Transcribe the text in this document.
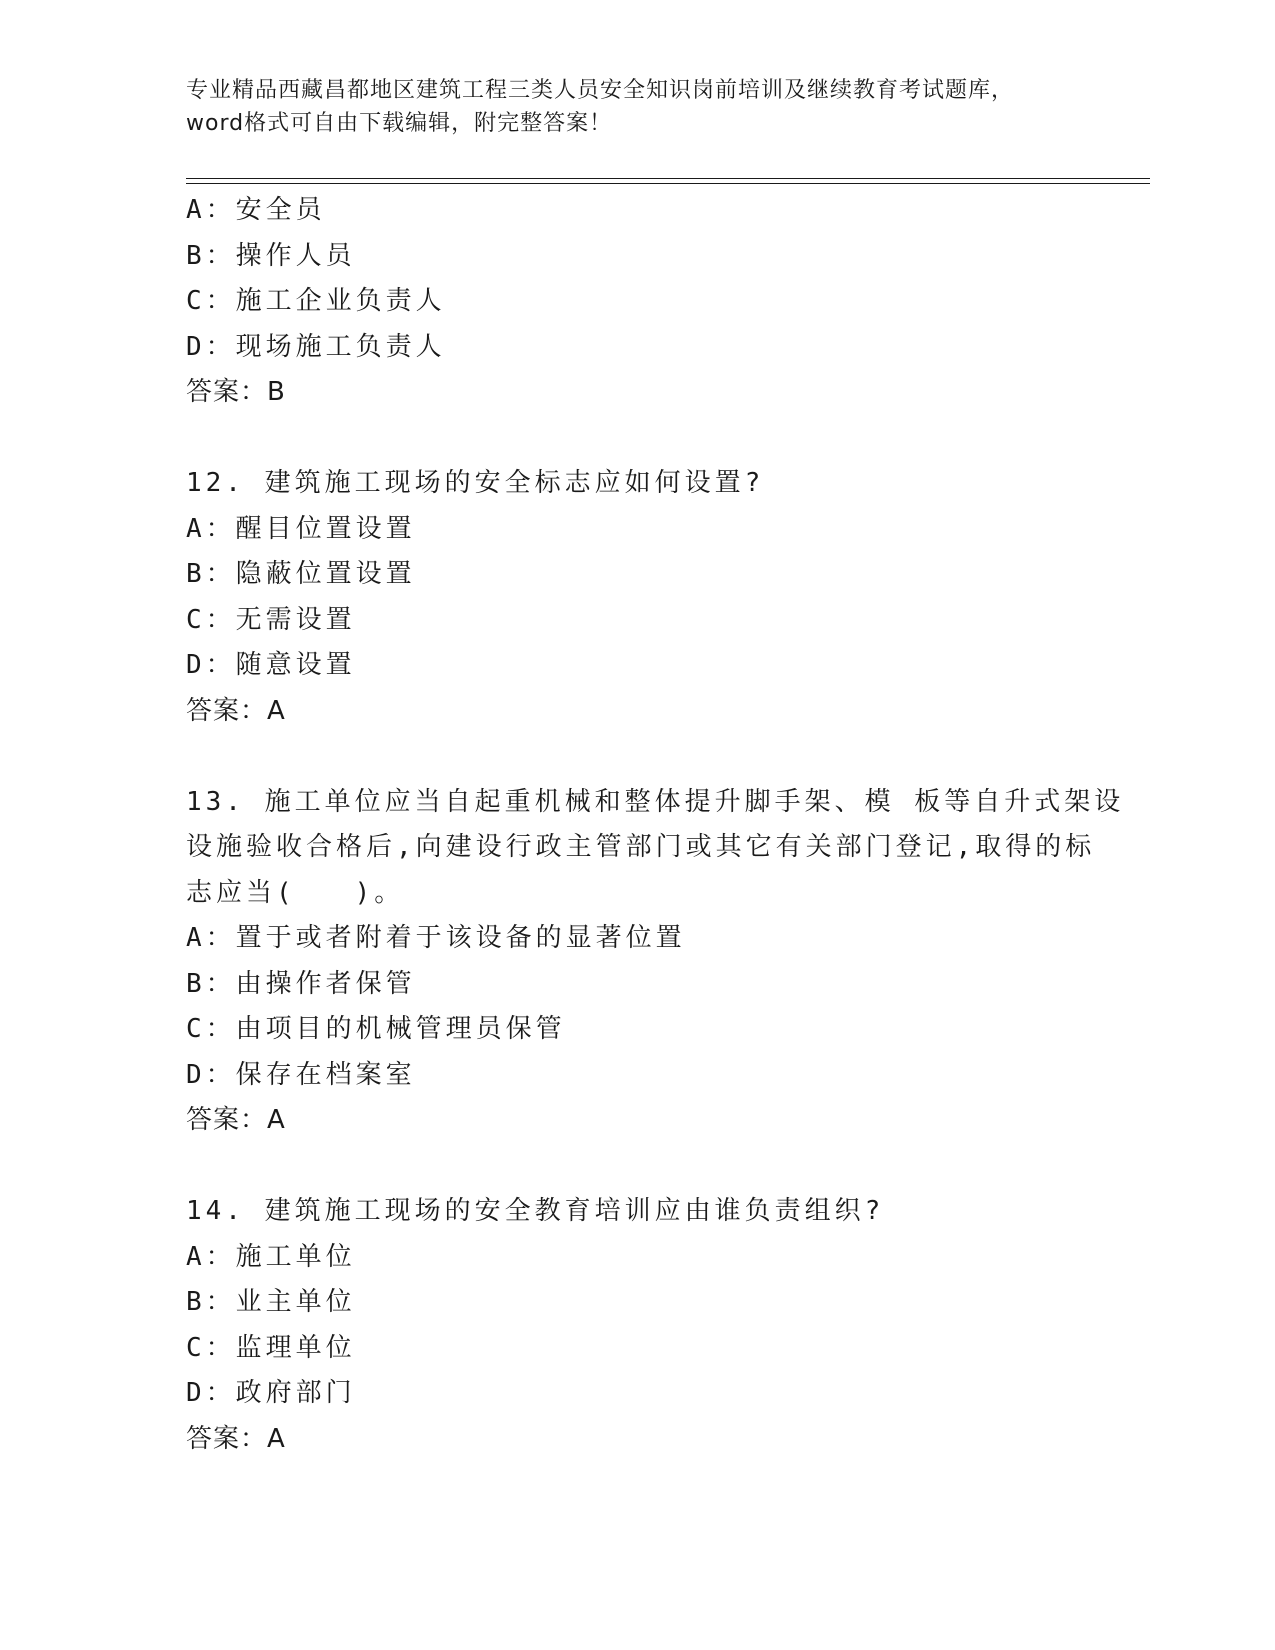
专业精品西藏昌都地区建筑工程三类人员安全知识岗前培训及继续教育考试题库，
word格式可自由下载编辑，附完整答案！
A：安全员
B：操作人员
C：施工企业负责人
D：现场施工负责人
答案：B
12. 建筑施工现场的安全标志应如何设置?
A：醒目位置设置
B：隐蔽位置设置
C：无需设置
D：随意设置
答案：A
13. 施工单位应当自起重机械和整体提升脚手架、模 板等自升式架设
设施验收合格后,向建设行政主管部门或其它有关部门登记,取得的标
志应当(   )。
A：置于或者附着于该设备的显著位置
B：由操作者保管
C：由项目的机械管理员保管
D：保存在档案室
答案：A
14. 建筑施工现场的安全教育培训应由谁负责组织?
A：施工单位
B：业主单位
C：监理单位
D：政府部门
答案：A
